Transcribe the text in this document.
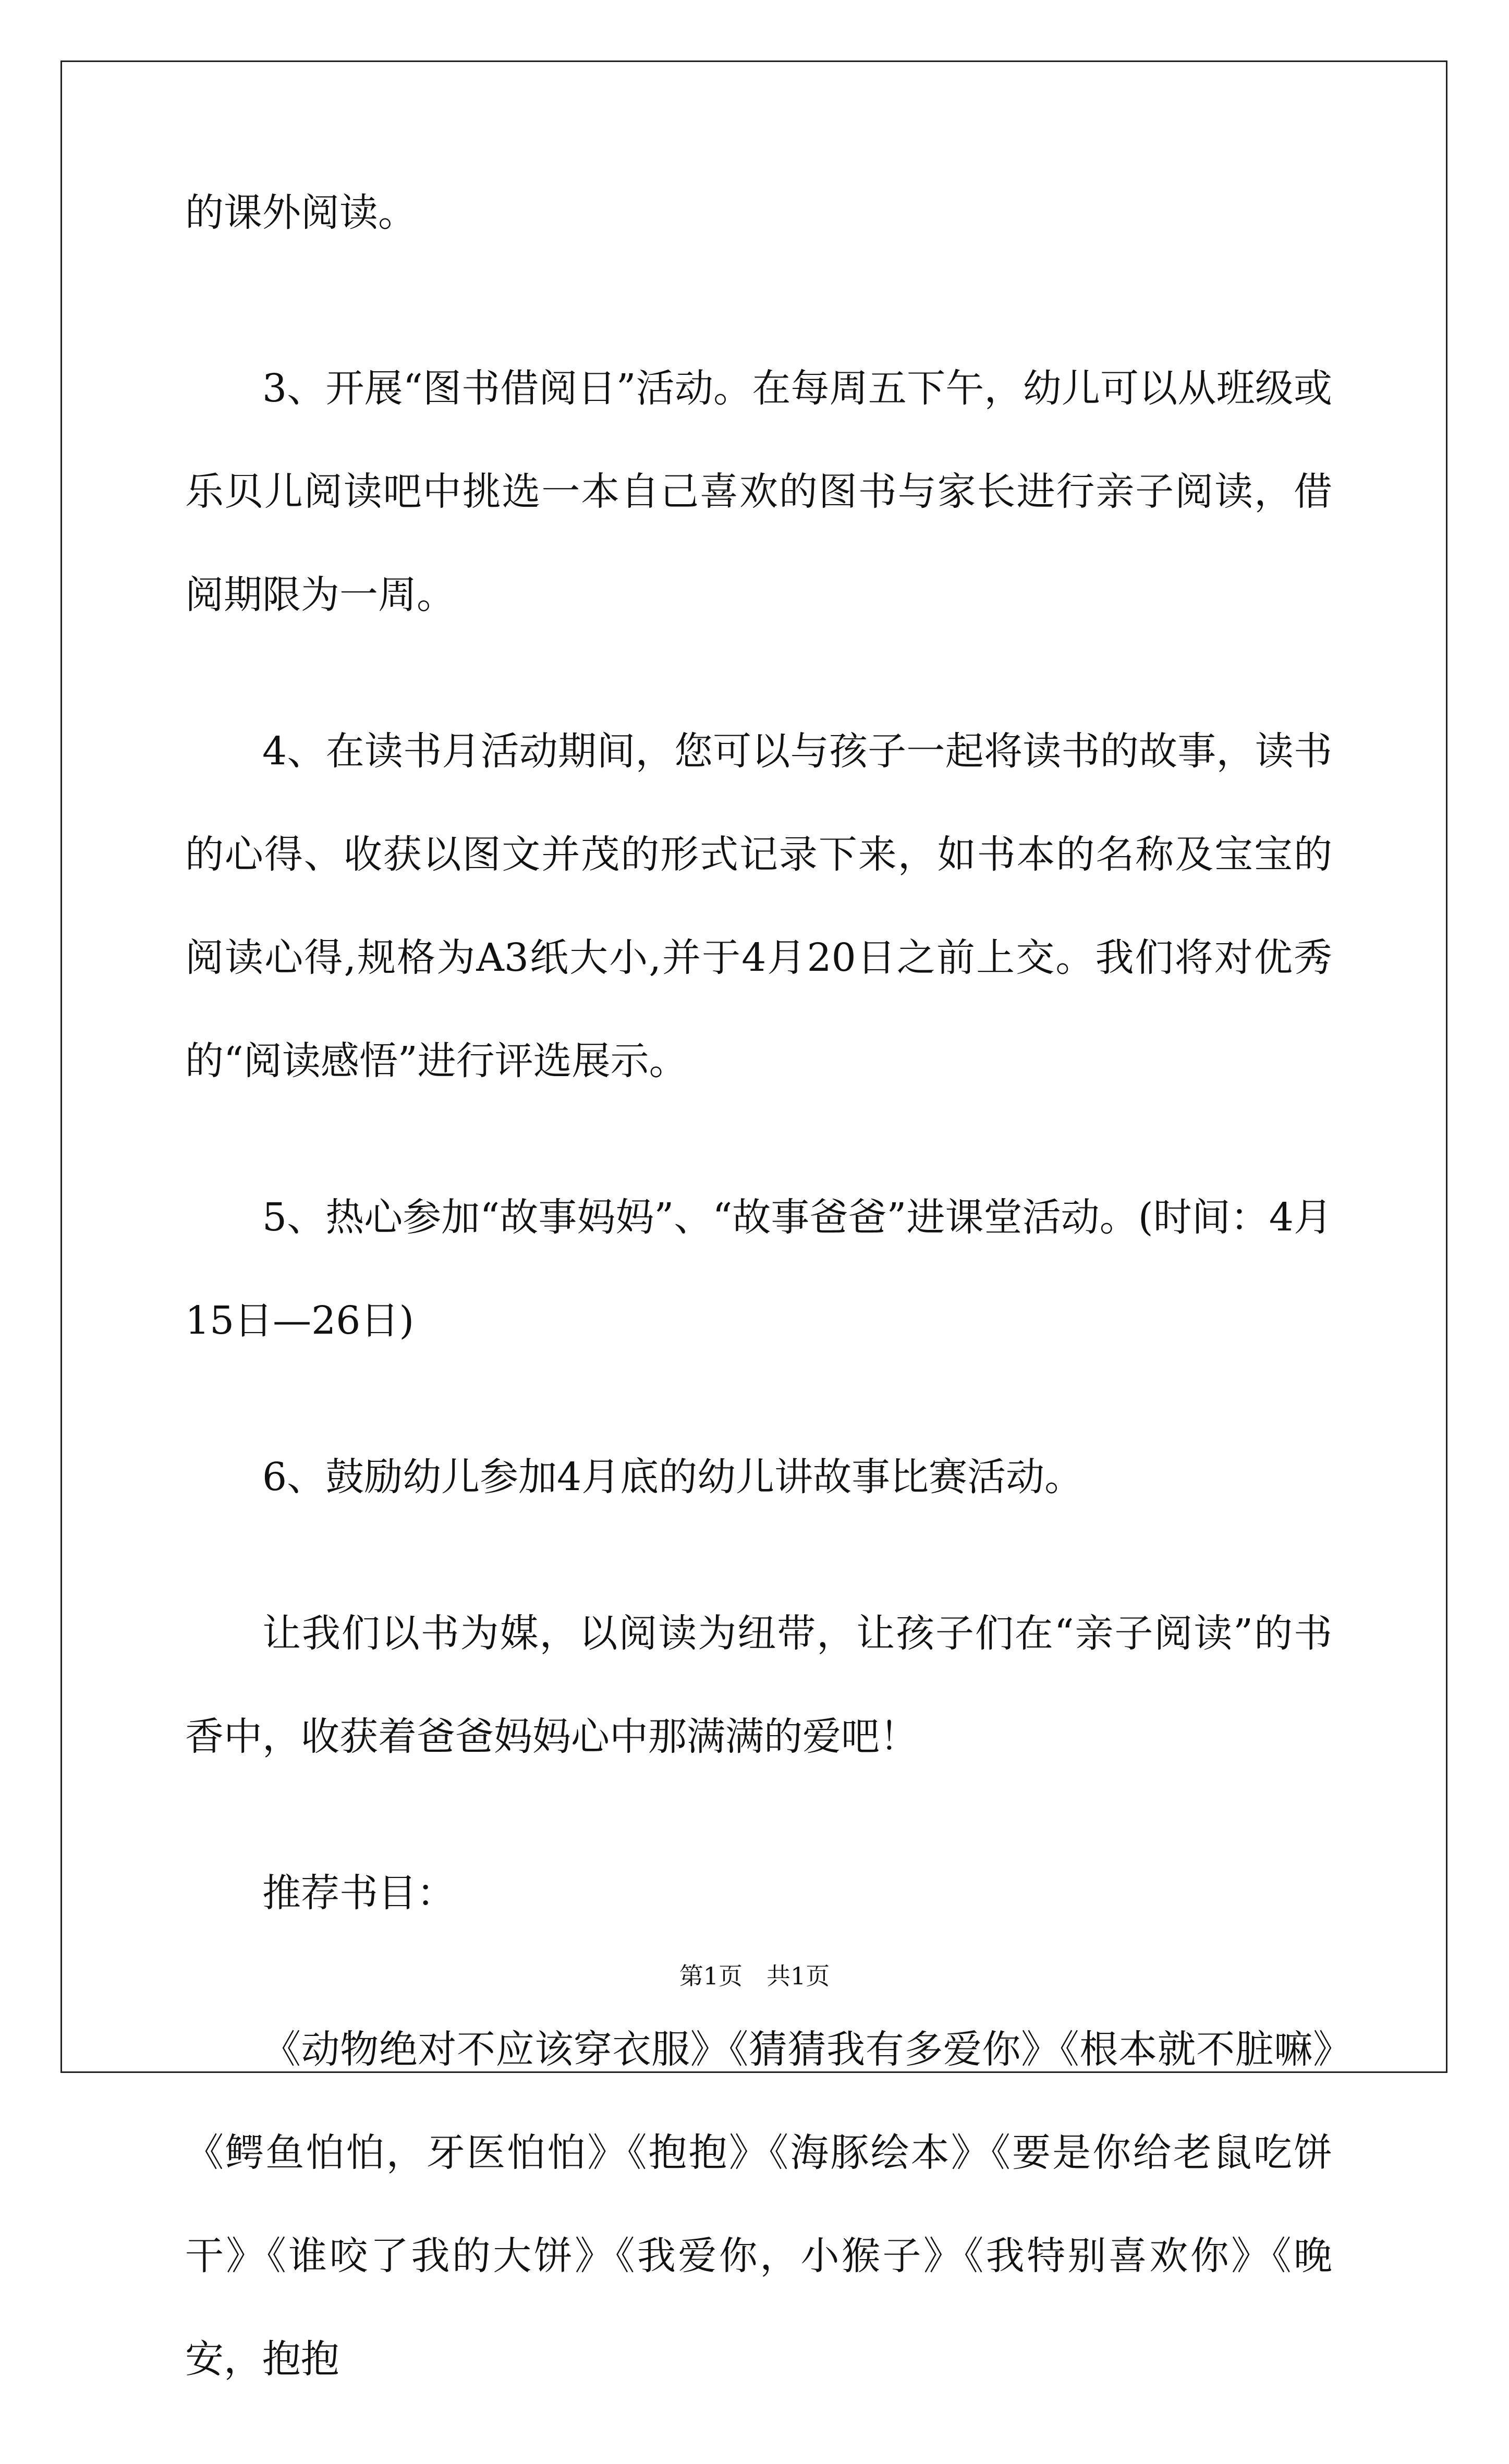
的课外阅读。

3、开展“图书借阅日”活动。在每周五下午，幼儿可以从班级或乐贝儿阅读吧中挑选一本自己喜欢的图书与家长进行亲子阅读，借阅期限为一周。

4、在读书月活动期间，您可以与孩子一起将读书的故事，读书的心得、收获以图文并茂的形式记录下来，如书本的名称及宝宝的阅读心得,规格为A3纸大小,并于4月20日之前上交。我们将对优秀的“阅读感悟”进行评选展示。

5、热心参加“故事妈妈”、“故事爸爸”进课堂活动。(时间：4月15日—26日)

6、鼓励幼儿参加4月底的幼儿讲故事比赛活动。

让我们以书为媒，以阅读为纽带，让孩子们在“亲子阅读”的书香中，收获着爸爸妈妈心中那满满的爱吧！

推荐书目：

《动物绝对不应该穿衣服》《猜猜我有多爱你》《根本就不脏嘛》《鳄鱼怕怕，牙医怕怕》《抱抱》《海豚绘本》《要是你给老鼠吃饼干》《谁咬了我的大饼》《我爱你，小猴子》《我特别喜欢你》《晚安，抱抱

第1页　共1页
